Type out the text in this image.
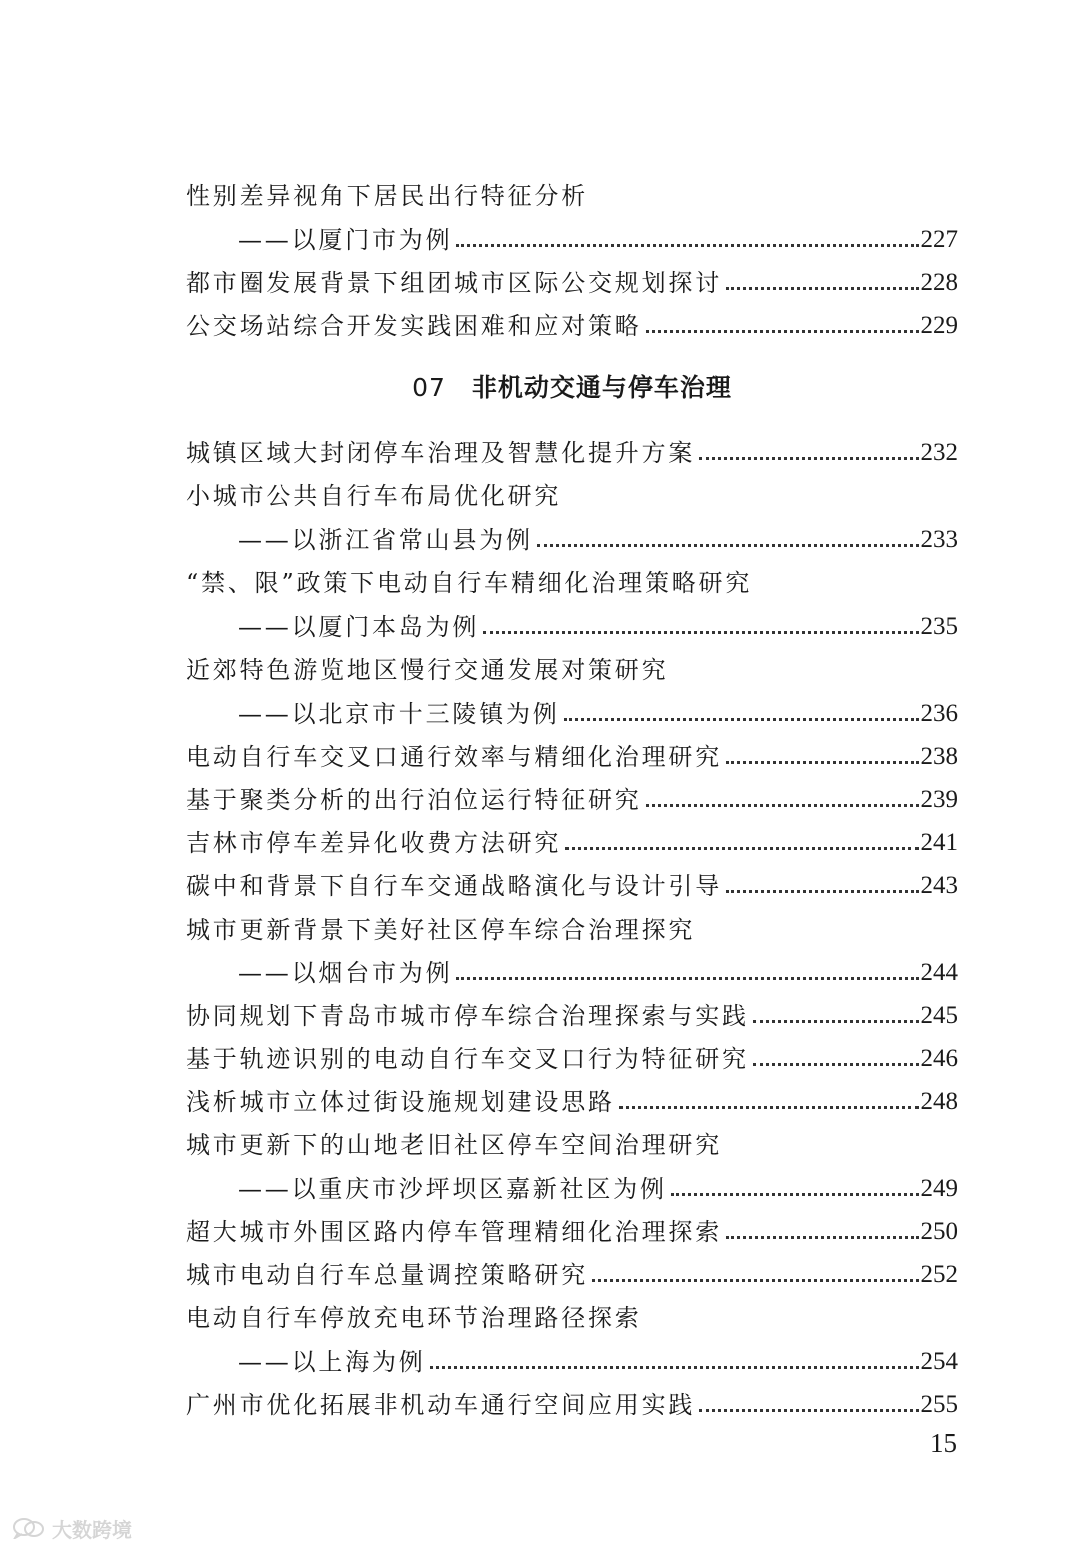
性别差异视角下居民出行特征分析
——以厦门市为例	227
都市圈发展背景下组团城市区际公交规划探讨	228
公交场站综合开发实践困难和应对策略	229
07 非机动交通与停车治理
城镇区域大封闭停车治理及智慧化提升方案	232
小城市公共自行车布局优化研究
——以浙江省常山县为例	233
“禁、限”政策下电动自行车精细化治理策略研究
——以厦门本岛为例	235
近郊特色游览地区慢行交通发展对策研究
——以北京市十三陵镇为例	236
电动自行车交叉口通行效率与精细化治理研究	238
基于聚类分析的出行泊位运行特征研究	239
吉林市停车差异化收费方法研究	241
碳中和背景下自行车交通战略演化与设计引导	243
城市更新背景下美好社区停车综合治理探究
——以烟台市为例	244
协同规划下青岛市城市停车综合治理探索与实践	245
基于轨迹识别的电动自行车交叉口行为特征研究	246
浅析城市立体过街设施规划建设思路	248
城市更新下的山地老旧社区停车空间治理研究
——以重庆市沙坪坝区嘉新社区为例	249
超大城市外围区路内停车管理精细化治理探索	250
城市电动自行车总量调控策略研究	252
电动自行车停放充电环节治理路径探索
——以上海为例	254
广州市优化拓展非机动车通行空间应用实践	255
15
大数跨境
